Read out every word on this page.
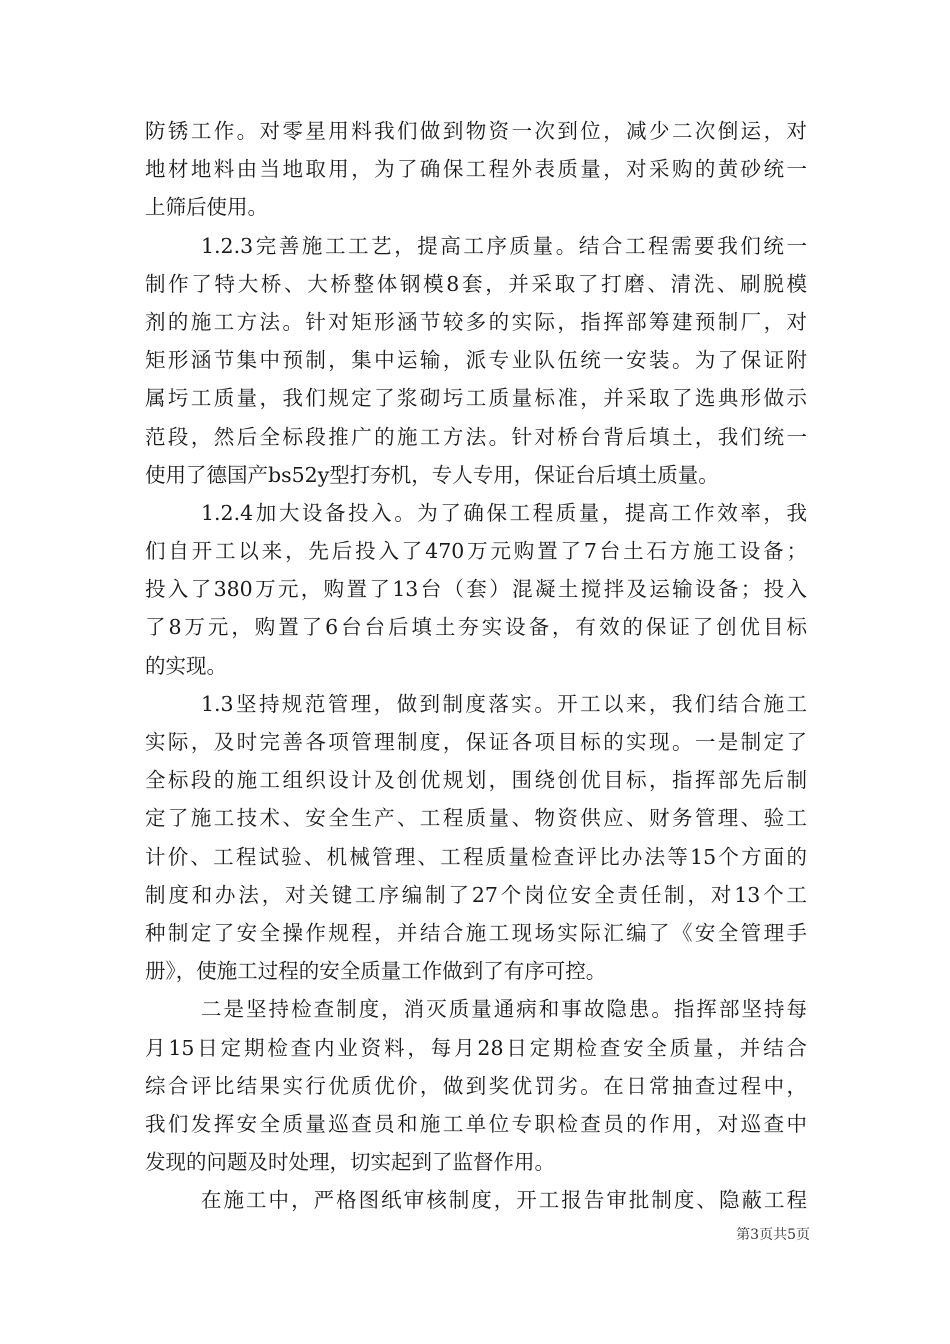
防锈工作。对零星用料我们做到物资一次到位，减少二次倒运，对
地材地料由当地取用，为了确保工程外表质量，对采购的黄砂统一
上筛后使用。
1.2.3完善施工工艺，提高工序质量。结合工程需要我们统一
制作了特大桥、大桥整体钢模8套，并采取了打磨、清洗、刷脱模
剂的施工方法。针对矩形涵节较多的实际，指挥部筹建预制厂，对
矩形涵节集中预制，集中运输，派专业队伍统一安装。为了保证附
属圬工质量，我们规定了浆砌圬工质量标准，并采取了选典形做示
范段，然后全标段推广的施工方法。针对桥台背后填土，我们统一
使用了德国产bs52y型打夯机，专人专用，保证台后填土质量。
1.2.4加大设备投入。为了确保工程质量，提高工作效率，我
们自开工以来，先后投入了470万元购置了7台土石方施工设备；
投入了380万元，购置了13台（套）混凝土搅拌及运输设备；投入
了8万元，购置了6台台后填土夯实设备，有效的保证了创优目标
的实现。
1.3坚持规范管理，做到制度落实。开工以来，我们结合施工
实际，及时完善各项管理制度，保证各项目标的实现。一是制定了
全标段的施工组织设计及创优规划，围绕创优目标，指挥部先后制
定了施工技术、安全生产、工程质量、物资供应、财务管理、验工
计价、工程试验、机械管理、工程质量检查评比办法等15个方面的
制度和办法，对关键工序编制了27个岗位安全责任制，对13个工
种制定了安全操作规程，并结合施工现场实际汇编了《安全管理手
册》，使施工过程的安全质量工作做到了有序可控。
二是坚持检查制度，消灭质量通病和事故隐患。指挥部坚持每
月15日定期检查内业资料，每月28日定期检查安全质量，并结合
综合评比结果实行优质优价，做到奖优罚劣。在日常抽查过程中，
我们发挥安全质量巡查员和施工单位专职检查员的作用，对巡查中
发现的问题及时处理，切实起到了监督作用。
在施工中，严格图纸审核制度，开工报告审批制度、隐蔽工程
第3页共5页
